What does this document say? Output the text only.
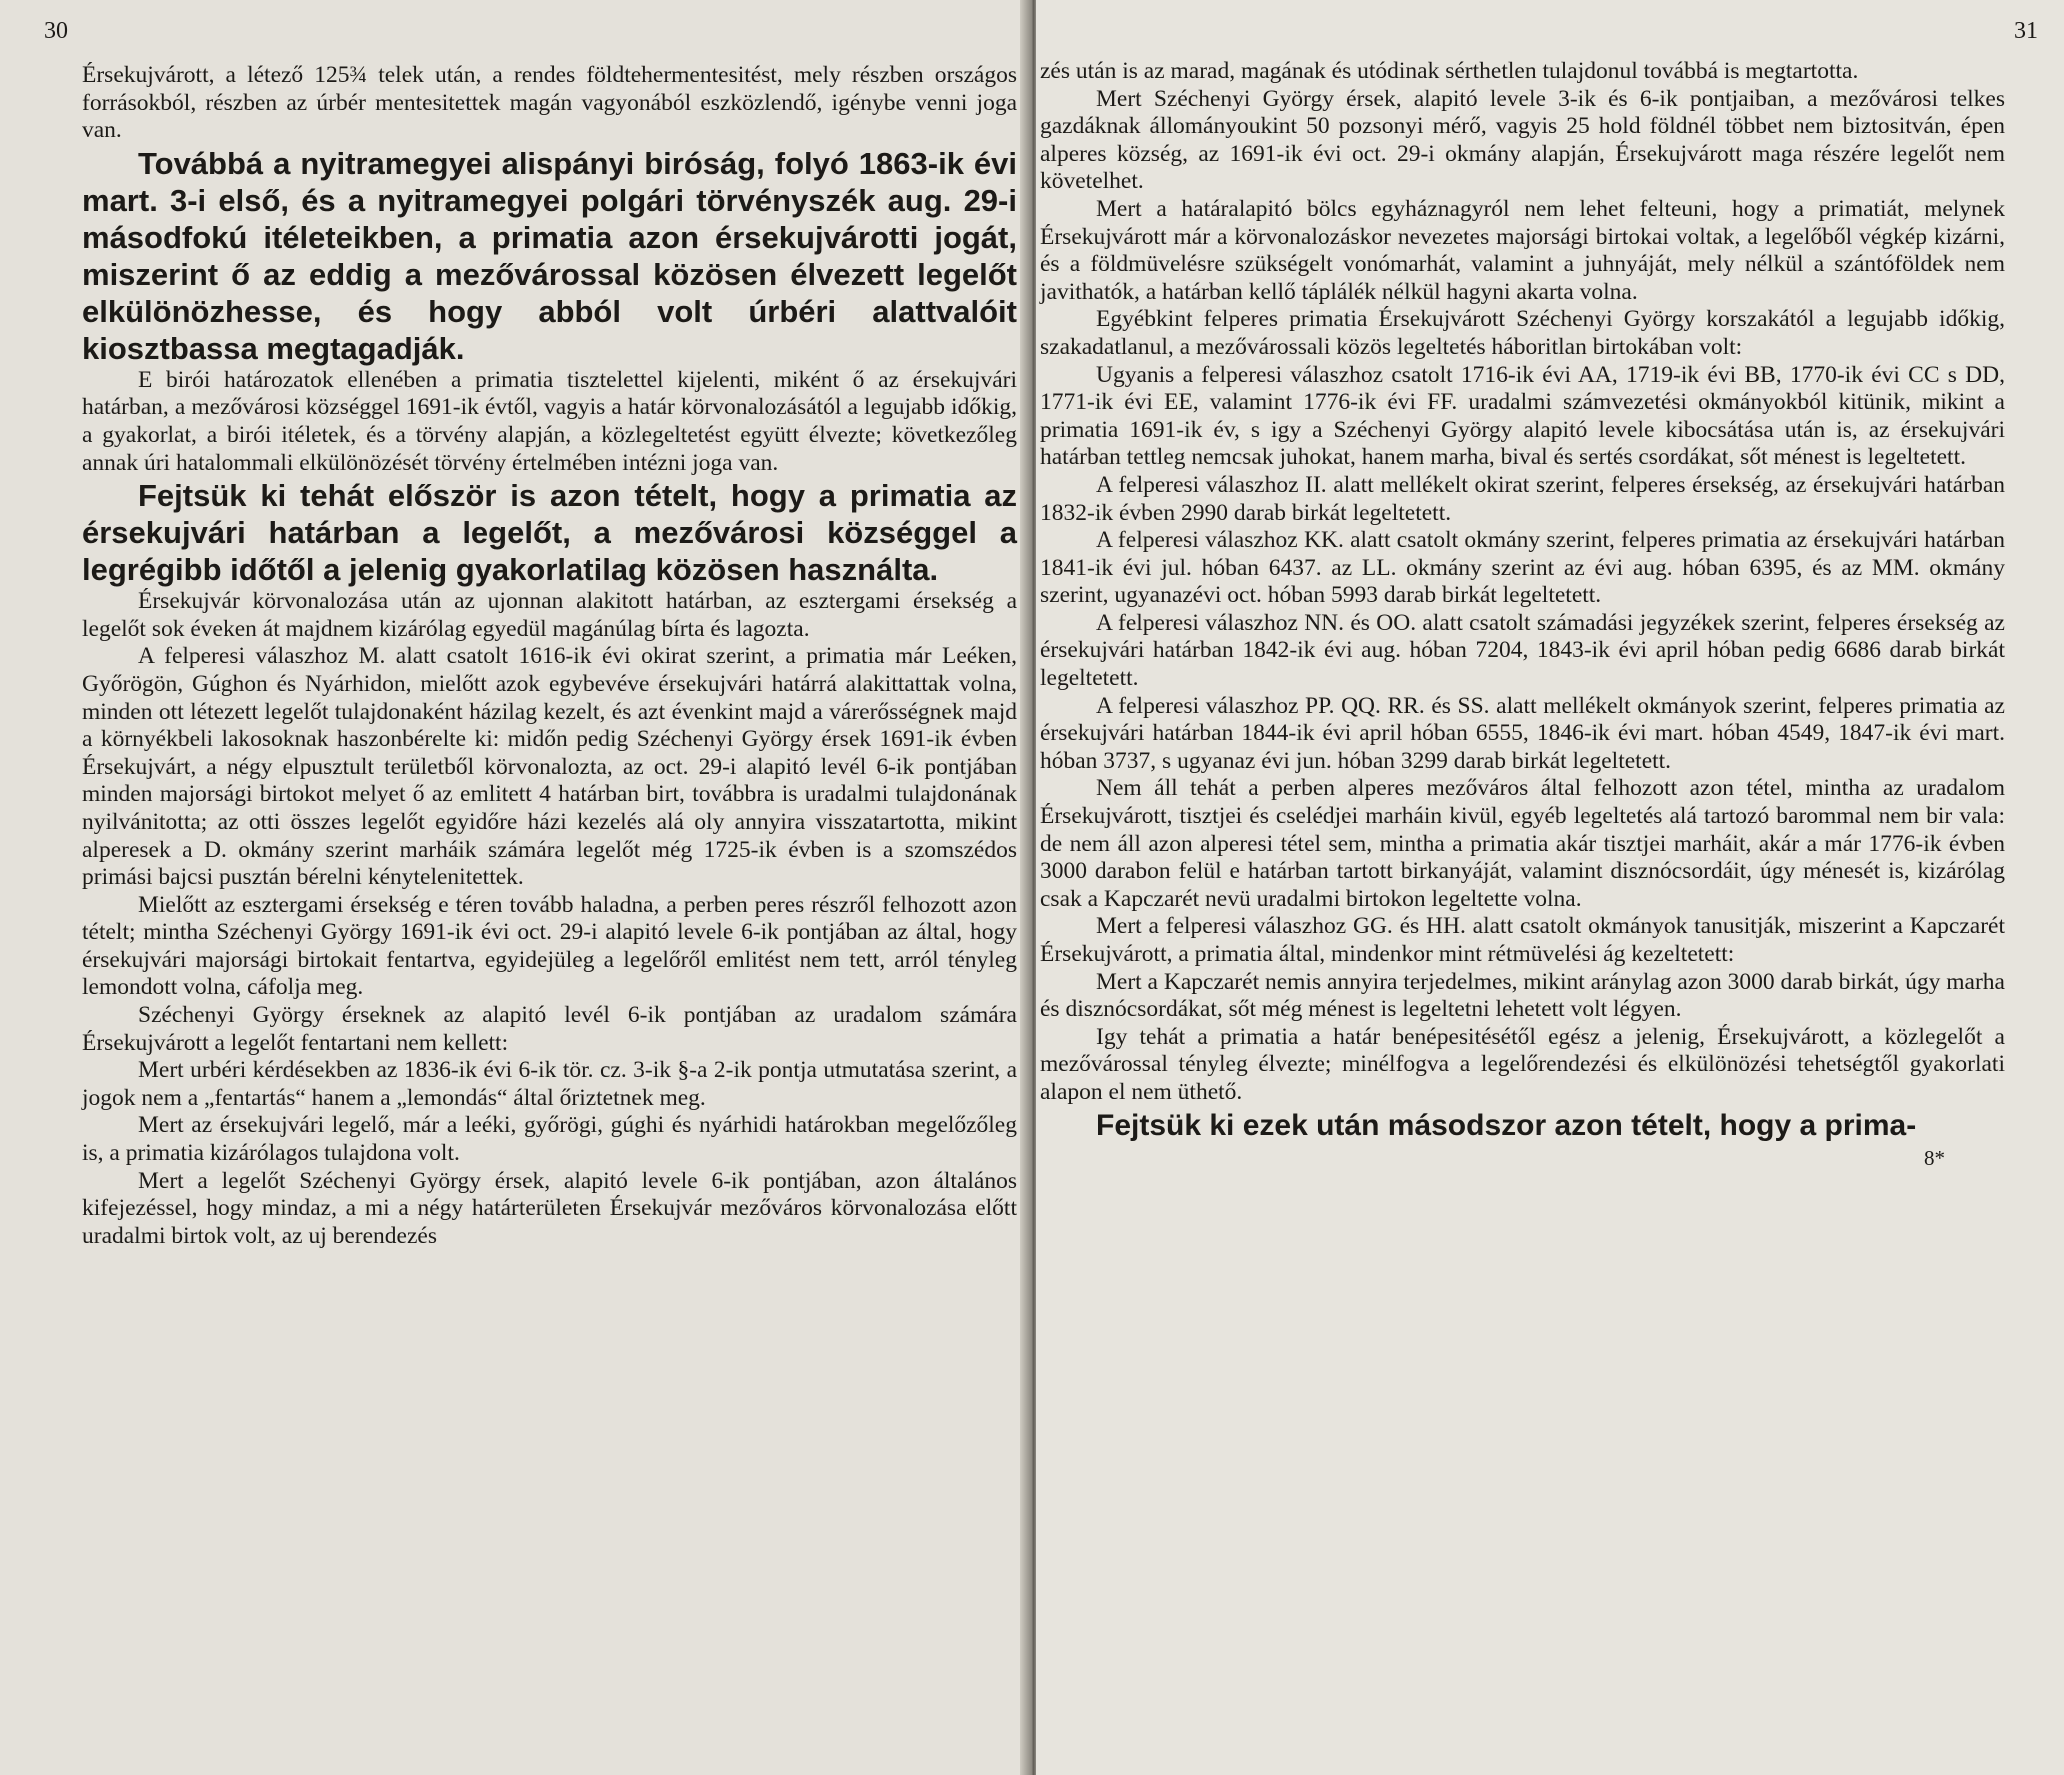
30

Érsekujvárott, a létező 125¾ telek után, a rendes földtehermentesitést, mely részben országos forrásokból, részben az úrbér mentesitettek magán vagyonából eszközlendő, igénybe venni joga van.

Továbbá a nyitramegyei alispányi biróság, folyó 1863-ik évi mart. 3-i első, és a nyitramegyei polgári törvényszék aug. 29-i másodfokú itéleteikben, a primatia azon érsekujvárotti jogát, miszerint ő az eddig a mezővárossal közösen élvezett legelőt elkülönözhesse, és hogy abból volt úrbéri alattvalóit kiosztbassa megtagadják.

E birói határozatok ellenében a primatia tisztelettel kijelenti, miként ő az érsekujvári határban, a mezővárosi községgel 1691-ik évtől, vagyis a határ körvonalozásától a legujabb időkig, a gyakorlat, a birói itéletek, és a törvény alapján, a közlegeltetést együtt élvezte; következőleg annak úri hatalommali elkülönözését törvény értelmében intézni joga van.

Fejtsük ki tehát először is azon tételt, hogy a primatia az érsekujvári határban a legelőt, a mezővárosi községgel a legrégibb időtől a jelenig gyakorlatilag közösen használta.

Érsekujvár körvonalozása után az ujonnan alakitott határban, az esztergami érsekség a legelőt sok éveken át majdnem kizárólag egyedül magánúlag bírta és lagozta.

A felperesi válaszhoz M. alatt csatolt 1616-ik évi okirat szerint, a primatia már Leéken, Győrögön, Gúghon és Nyárhidon, mielőtt azok egybevéve érsekujvári határrá alakittattak volna, minden ott létezett legelőt tulajdonaként házilag kezelt, és azt évenkint majd a várerősségnek majd a környékbeli lakosoknak haszonbérelte ki: midőn pedig Széchenyi György érsek 1691-ik évben Érsekujvárt, a négy elpusztult területből körvonalozta, az oct. 29-i alapitó levél 6-ik pontjában minden majorsági birtokot melyet ő az emlitett 4 határban birt, továbbra is uradalmi tulajdonának nyilvánitotta; az otti összes legelőt egyidőre házi kezelés alá oly annyira visszatartotta, mikint alperesek a D. okmány szerint marháik számára legelőt még 1725-ik évben is a szomszédos primási bajcsi pusztán bérelni kénytelenitettek.

Mielőtt az esztergami érsekség e téren tovább haladna, a perben peres részről felhozott azon tételt; mintha Széchenyi György 1691-ik évi oct. 29-i alapitó levele 6-ik pontjában az által, hogy érsekujvári majorsági birtokait fentartva, egyidejüleg a legelőről emlitést nem tett, arról tényleg lemondott volna, cáfolja meg.

Széchenyi György érseknek az alapitó levél 6-ik pontjában az uradalom számára Érsekujvárott a legelőt fentartani nem kellett:

Mert urbéri kérdésekben az 1836-ik évi 6-ik tör. cz. 3-ik §-a 2-ik pontja utmutatása szerint, a jogok nem a „fentartás“ hanem a „lemondás“ által őriztetnek meg.

Mert az érsekujvári legelő, már a leéki, győrögi, gúghi és nyárhidi határokban megelőzőleg is, a primatia kizárólagos tulajdona volt.

Mert a legelőt Széchenyi György érsek, alapitó levele 6-ik pontjában, azon általános kifejezéssel, hogy mindaz, a mi a négy határterületen Érsekujvár mezőváros körvonalozása előtt uradalmi birtok volt, az uj berendezés

31

zés után is az marad, magának és utódinak sérthetlen tulajdonul továbbá is megtartotta.

Mert Széchenyi György érsek, alapitó levele 3-ik és 6-ik pontjaiban, a mezővárosi telkes gazdáknak állományoukint 50 pozsonyi mérő, vagyis 25 hold földnél többet nem biztositván, épen alperes község, az 1691-ik évi oct. 29-i okmány alapján, Érsekujvárott maga részére legelőt nem követelhet.

Mert a határalapitó bölcs egyháznagyról nem lehet felteuni, hogy a primatiát, melynek Érsekujvárott már a körvonalozáskor nevezetes majorsági birtokai voltak, a legelőből végkép kizárni, és a földmüvelésre szükségelt vonómarhát, valamint a juhnyáját, mely nélkül a szántóföldek nem javithatók, a határban kellő táplálék nélkül hagyni akarta volna.

Egyébkint felperes primatia Érsekujvárott Széchenyi György korszakától a legujabb időkig, szakadatlanul, a mezővárossali közös legeltetés háboritlan birtokában volt:

Ugyanis a felperesi válaszhoz csatolt 1716-ik évi AA, 1719-ik évi BB, 1770-ik évi CC s DD, 1771-ik évi EE, valamint 1776-ik évi FF. uradalmi számvezetési okmányokból kitünik, mikint a primatia 1691-ik év, s igy a Széchenyi György alapitó levele kibocsátása után is, az érsekujvári határban tettleg nemcsak juhokat, hanem marha, bival és sertés csordákat, sőt ménest is legeltetett.

A felperesi válaszhoz II. alatt mellékelt okirat szerint, felperes érsekség, az érsekujvári határban 1832-ik évben 2990 darab birkát legeltetett.

A felperesi válaszhoz KK. alatt csatolt okmány szerint, felperes primatia az érsekujvári határban 1841-ik évi jul. hóban 6437. az LL. okmány szerint az évi aug. hóban 6395, és az MM. okmány szerint, ugyanazévi oct. hóban 5993 darab birkát legeltetett.

A felperesi válaszhoz NN. és OO. alatt csatolt számadási jegyzékek szerint, felperes érsekség az érsekujvári határban 1842-ik évi aug. hóban 7204, 1843-ik évi april hóban pedig 6686 darab birkát legeltetett.

A felperesi válaszhoz PP. QQ. RR. és SS. alatt mellékelt okmányok szerint, felperes primatia az érsekujvári határban 1844-ik évi april hóban 6555, 1846-ik évi mart. hóban 4549, 1847-ik évi mart. hóban 3737, s ugyanaz évi jun. hóban 3299 darab birkát legeltetett.

Nem áll tehát a perben alperes mezőváros által felhozott azon tétel, mintha az uradalom Érsekujvárott, tisztjei és cselédjei marháin kivül, egyéb legeltetés alá tartozó barommal nem bir vala: de nem áll azon alperesi tétel sem, mintha a primatia akár tisztjei marháit, akár a már 1776-ik évben 3000 darabon felül e határban tartott birkanyáját, valamint disznócsordáit, úgy ménesét is, kizárólag csak a Kapczarét nevü uradalmi birtokon legeltette volna.

Mert a felperesi válaszhoz GG. és HH. alatt csatolt okmányok tanusitják, miszerint a Kapczarét Érsekujvárott, a primatia által, mindenkor mint rétmüvelési ág kezeltetett:

Mert a Kapczarét nemis annyira terjedelmes, mikint aránylag azon 3000 darab birkát, úgy marha és disznócsordákat, sőt még ménest is legeltetni lehetett volt légyen.

Igy tehát a primatia a határ benépesitésétől egész a jelenig, Érsekujvárott, a közlegelőt a mezővárossal tényleg élvezte; minélfogva a legelőrendezési és elkülönözési tehetségtől gyakorlati alapon el nem üthető.

Fejtsük ki ezek után másodszor azon tételt, hogy a prima-

8*
